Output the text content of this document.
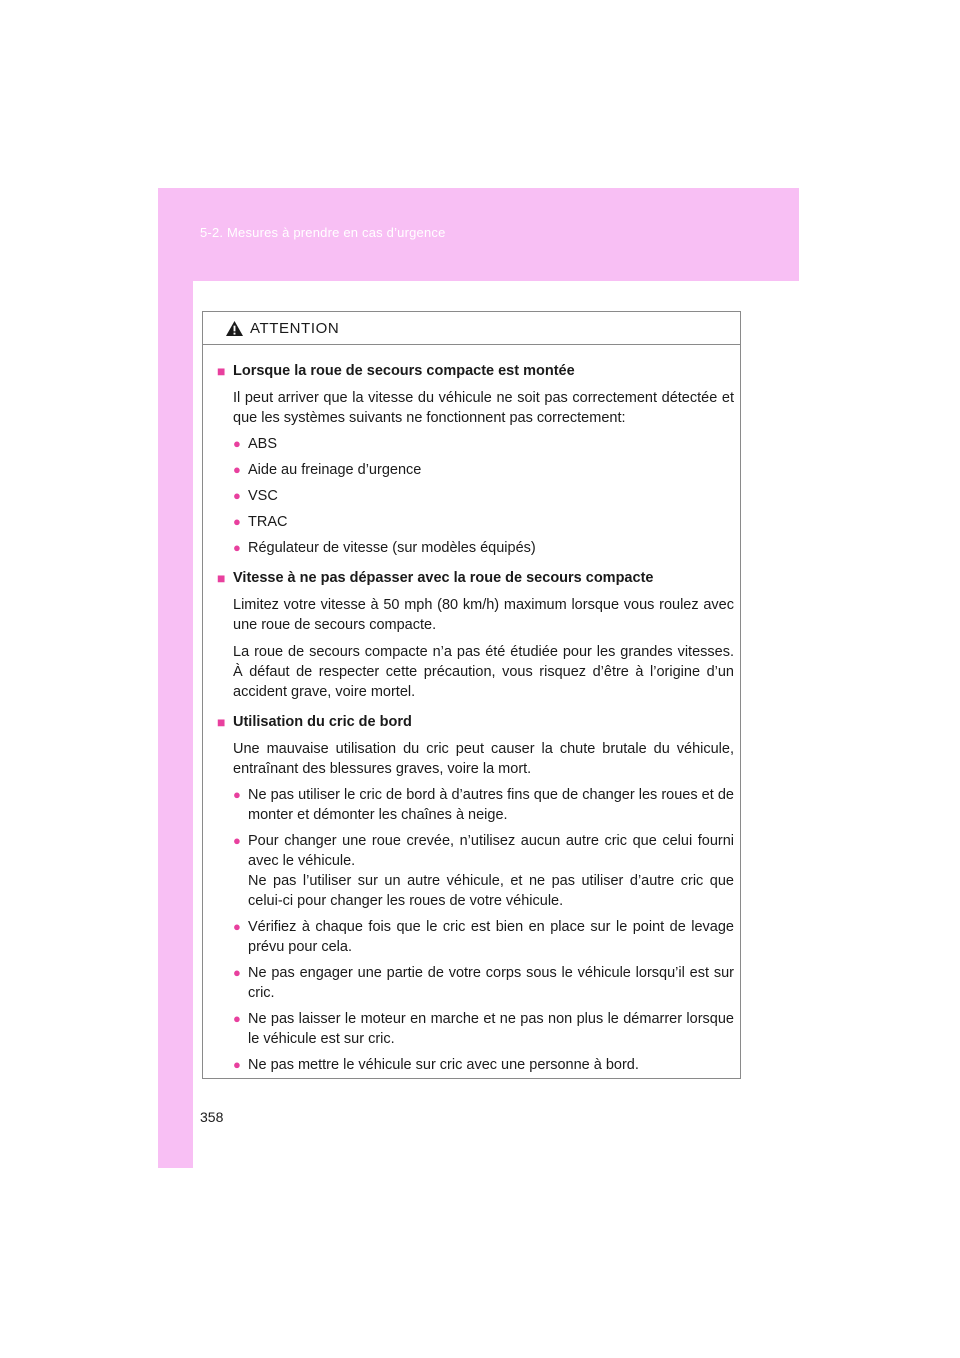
5-2. Mesures à prendre en cas d’urgence
ATTENTION
■ Lorsque la roue de secours compacte est montée
Il peut arriver que la vitesse du véhicule ne soit pas correctement détectée et que les systèmes suivants ne fonctionnent pas correctement:
● ABS
● Aide au freinage d’urgence
● VSC
● TRAC
● Régulateur de vitesse (sur modèles équipés)
■ Vitesse à ne pas dépasser avec la roue de secours compacte
Limitez votre vitesse à 50 mph (80 km/h) maximum lorsque vous roulez avec une roue de secours compacte.
La roue de secours compacte n’a pas été étudiée pour les grandes vitesses. À défaut de respecter cette précaution, vous risquez d’être à l’origine d’un accident grave, voire mortel.
■ Utilisation du cric de bord
Une mauvaise utilisation du cric peut causer la chute brutale du véhicule, entraînant des blessures graves, voire la mort.
● Ne pas utiliser le cric de bord à d’autres fins que de changer les roues et de monter et démonter les chaînes à neige.
● Pour changer une roue crevée, n’utilisez aucun autre cric que celui fourni avec le véhicule.
Ne pas l’utiliser sur un autre véhicule, et ne pas utiliser d’autre cric que celui-ci pour changer les roues de votre véhicule.
● Vérifiez à chaque fois que le cric est bien en place sur le point de levage prévu pour cela.
● Ne pas engager une partie de votre corps sous le véhicule lorsqu’il est sur cric.
● Ne pas laisser le moteur en marche et ne pas non plus le démarrer lorsque le véhicule est sur cric.
● Ne pas mettre le véhicule sur cric avec une personne à bord.
358
